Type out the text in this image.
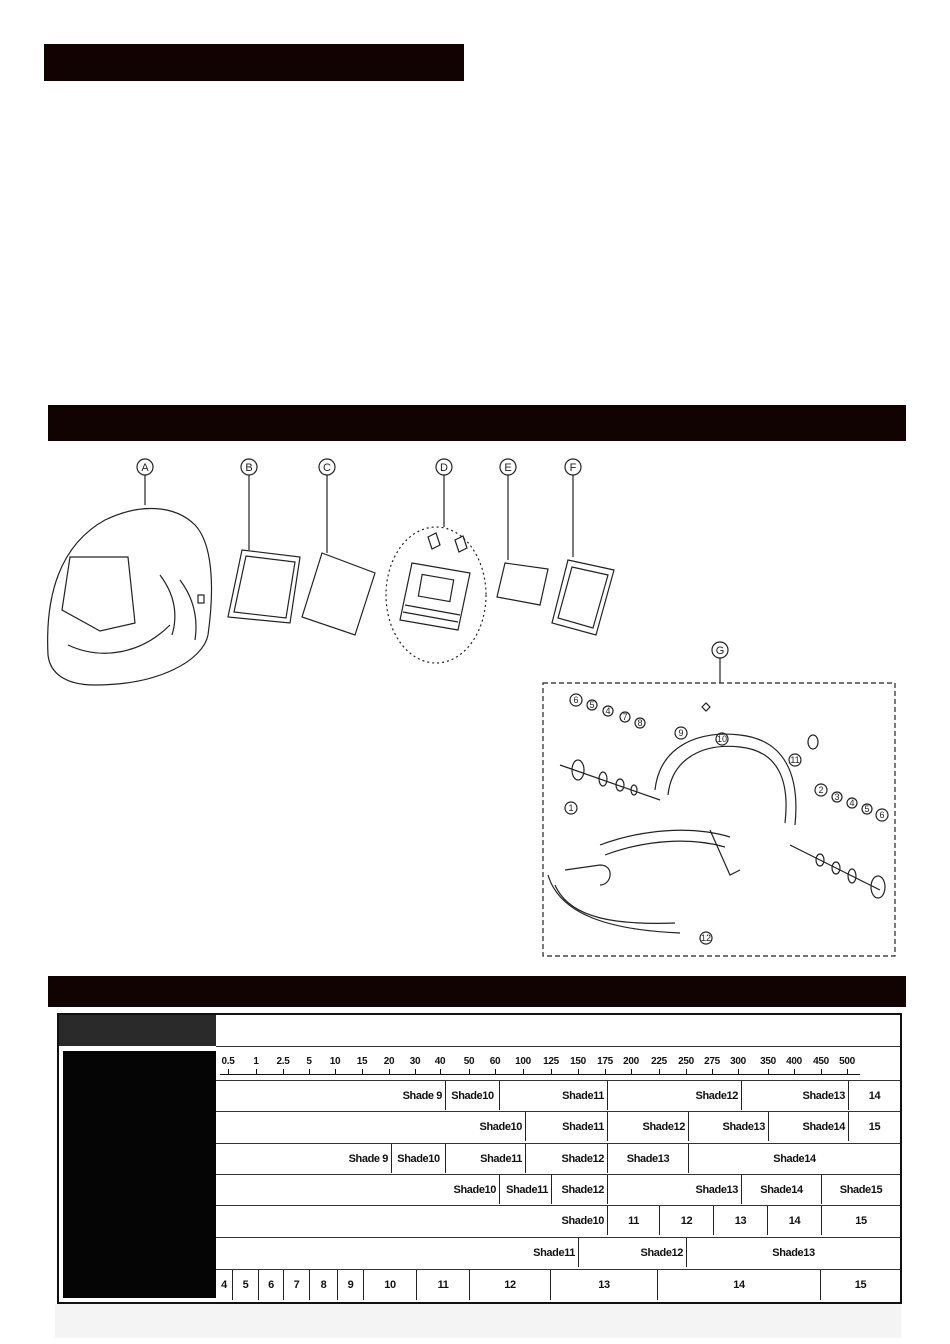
A	B	C	D	E	F
G
6 5
4
7
8
9
10
11
1
2
3
4
5
6
12
0.5 1 2.5 5 10 15 20 30 40 50 60 100 125 150 175 200 225 250 275 300 350 400 450 500
Shade 9 Shade10	Shade11	Shade12	Shade13	14
Shade10	Shade11	Shade12	Shade13	Shade14	15
Shade 9 Shade10	Shade11	Shade12	Shade13	Shade14
Shade10 Shade11	Shade12	Shade13	Shade14	Shade15
Shade10	11	12	13	14	15
Shade11	Shade12	Shade13
4	5	6	7	8	9	10	11	12	13	14	15
